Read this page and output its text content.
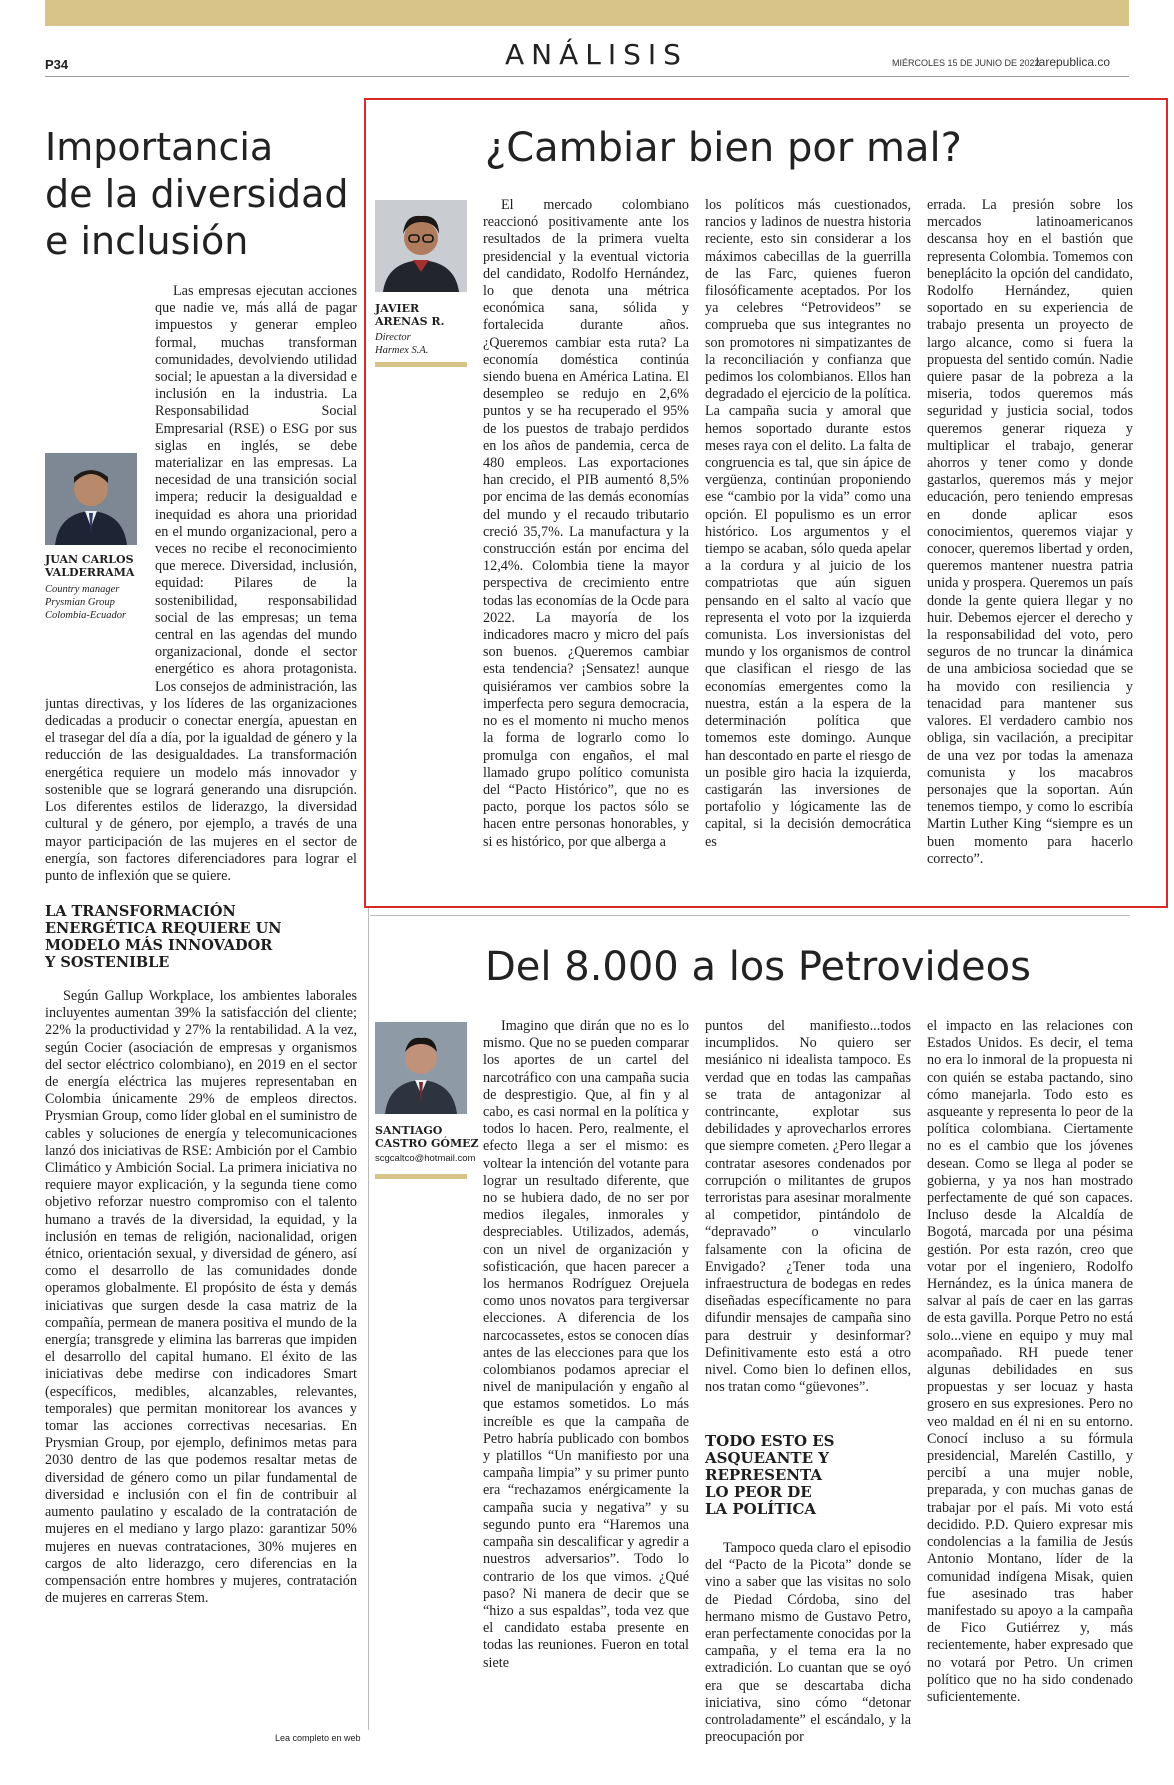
P34	ANÁLISIS	MIÉRCOLES 15 DE JUNIO DE 2022
larepublica.co
Importancia
de la diversidad
e inclusión

JUAN CARLOS
VALDERRAMA

Country manager
Prysmian Group
Colombia-Ecuador

Las empresas ejecutan acciones que nadie ve, más allá de pagar impuestos y generar empleo formal, muchas transforman comunidades, devolviendo utilidad social; le apuestan a la diversidad e inclusión en la industria. La Responsabilidad Social Empresarial (RSE) o ESG por sus siglas en inglés, se debe materializar en las empresas. La necesidad de una transición social impera; reducir la desigualdad e inequidad es ahora una prioridad en el mundo organizacional, pero a veces no recibe el reconocimiento que merece. Diversidad, inclusión, equidad: Pilares de la sostenibilidad, responsabilidad social de las empresas; un tema central en las agendas del mundo organizacional, donde el sector energético es ahora protagonista. Los consejos de administración, las juntas directivas, y los líderes de las organizaciones dedicadas a producir o conectar energía, apuestan en el trasegar del día a día, por la igualdad de género y la reducción de las desigualdades. La transformación energética requiere un modelo más innovador y sostenible que se logrará generando una disrupción. Los diferentes estilos de liderazgo, la diversidad cultural y de género, por ejemplo, a través de una mayor participación de las mujeres en el sector de energía, son factores diferenciadores para lograr el punto de inflexión que se quiere.

LA TRANSFORMACIÓN
ENERGÉTICA REQUIERE UN
MODELO MÁS INNOVADOR
Y SOSTENIBLE

Según Gallup Workplace, los ambientes laborales incluyentes aumentan 39% la satisfacción del cliente; 22% la productividad y 27% la rentabilidad. A la vez, según Cocier (asociación de empresas y organismos del sector eléctrico colombiano), en 2019 en el sector de energía eléctrica las mujeres representaban en Colombia únicamente 29% de empleos directos. Prysmian Group, como líder global en el suministro de cables y soluciones de energía y telecomunicaciones lanzó dos iniciativas de RSE: Ambición por el Cambio Climático y Ambición Social. La primera iniciativa no requiere mayor explicación, y la segunda tiene como objetivo reforzar nuestro compromiso con el talento humano a través de la diversidad, la equidad, y la inclusión en temas de religión, nacionalidad, origen étnico, orientación sexual, y diversidad de género, así como el desarrollo de las comunidades donde operamos globalmente. El propósito de ésta y demás iniciativas que surgen desde la casa matriz de la compañía, permean de manera positiva el mundo de la energía; transgrede y elimina las barreras que impiden el desarrollo del capital humano. El éxito de las iniciativas debe medirse con indicadores Smart (específicos, medibles, alcanzables, relevantes, temporales) que permitan monitorear los avances y tomar las acciones correctivas necesarias. En Prysmian Group, por ejemplo, definimos metas para 2030 dentro de las que podemos resaltar metas de diversidad de género como un pilar fundamental de diversidad e inclusión con el fin de contribuir al aumento paulatino y escalado de la contratación de mujeres en el mediano y largo plazo: garantizar 50% mujeres en nuevas contrataciones, 30% mujeres en cargos de alto liderazgo, cero diferencias en la compensación entre hombres y mujeres, contratación de mujeres en carreras Stem.

Lea completo en web
¿Cambiar bien por mal?

JAVIER
ARENAS R.

Director
Harmex S.A.

El mercado colombiano reaccionó positivamente ante los resultados de la primera vuelta presidencial y la eventual victoria del candidato, Rodolfo Hernández, lo que denota una métrica económica sana, sólida y fortalecida durante años. ¿Queremos cambiar esta ruta? La economía doméstica continúa siendo buena en América Latina. El desempleo se redujo en 2,6% puntos y se ha recuperado el 95% de los puestos de trabajo perdidos en los años de pandemia, cerca de 480 empleos. Las exportaciones han crecido, el PIB aumentó 8,5% por encima de las demás economías del mundo y el recaudo tributario creció 35,7%. La manufactura y la construcción están por encima del 12,4%. Colombia tiene la mayor perspectiva de crecimiento entre todas las economías de la Ocde para 2022. La mayoría de los indicadores macro y micro del país son buenos. ¿Queremos cambiar esta tendencia? ¡Sensatez! aunque quisiéramos ver cambios sobre la imperfecta pero segura democracia, no es el momento ni mucho menos la forma de lograrlo como lo promulga con engaños, el mal llamado grupo político comunista del “Pacto Histórico”, que no es pacto, porque los pactos sólo se hacen entre personas honorables, y si es histórico, por que alberga a

los políticos más cuestionados, rancios y ladinos de nuestra historia reciente, esto sin considerar a los máximos cabecillas de la guerrilla de las Farc, quienes fueron filosóficamente aceptados. Por los ya celebres “Petrovideos” se comprueba que sus integrantes no son promotores ni simpatizantes de la reconciliación y confianza que pedimos los colombianos. Ellos han degradado el ejercicio de la política. La campaña sucia y amoral que hemos soportado durante estos meses raya con el delito. La falta de congruencia es tal, que sin ápice de vergüenza, continúan proponiendo ese “cambio por la vida” como una opción. El populismo es un error histórico. Los argumentos y el tiempo se acaban, sólo queda apelar a la cordura y al juicio de los compatriotas que aún siguen pensando en el salto al vacío que representa el voto por la izquierda comunista. Los inversionistas del mundo y los organismos de control que clasifican el riesgo de las economías emergentes como la nuestra, están a la espera de la determinación política que tomemos este domingo. Aunque han descontado en parte el riesgo de un posible giro hacia la izquierda, castigarán las inversiones de portafolio y lógicamente las de capital, si la decisión democrática es

errada. La presión sobre los mercados latinoamericanos descansa hoy en el bastión que representa Colombia. Tomemos con beneplácito la opción del candidato, Rodolfo Hernández, quien soportado en su experiencia de trabajo presenta un proyecto de largo alcance, como si fuera la propuesta del sentido común. Nadie quiere pasar de la pobreza a la miseria, todos queremos más seguridad y justicia social, todos queremos generar riqueza y multiplicar el trabajo, generar ahorros y tener como y donde gastarlos, queremos más y mejor educación, pero teniendo empresas en donde aplicar esos conocimientos, queremos viajar y conocer, queremos libertad y orden, queremos mantener nuestra patria unida y prospera. Queremos un país donde la gente quiera llegar y no huir. Debemos ejercer el derecho y la responsabilidad del voto, pero seguros de no truncar la dinámica de una ambiciosa sociedad que se ha movido con resiliencia y tenacidad para mantener sus valores. El verdadero cambio nos obliga, sin vacilación, a precipitar de una vez por todas la amenaza comunista y los macabros personajes que la soportan. Aún tenemos tiempo, y como lo escribía Martin Luther King “siempre es un buen momento para hacerlo correcto”.

Del 8.000 a los Petrovideos

SANTIAGO
CASTRO GÓMEZ

scgcaltco@hotmail.com

Imagino que dirán que no es lo mismo. Que no se pueden comparar los aportes de un cartel del narcotráfico con una campaña sucia de desprestigio. Que, al fin y al cabo, es casi normal en la política y todos lo hacen. Pero, realmente, el efecto llega a ser el mismo: es voltear la intención del votante para lograr un resultado diferente, que no se hubiera dado, de no ser por medios ilegales, inmorales y despreciables. Utilizados, además, con un nivel de organización y sofisticación, que hacen parecer a los hermanos Rodríguez Orejuela como unos novatos para tergiversar elecciones. A diferencia de los narcocassetes, estos se conocen días antes de las elecciones para que los colombianos podamos apreciar el nivel de manipulación y engaño al que estamos sometidos. Lo más increíble es que la campaña de Petro habría publicado con bombos y platillos “Un manifiesto por una campaña limpia” y su primer punto era “rechazamos enérgicamente la campaña sucia y negativa” y su segundo punto era “Haremos una campaña sin descalificar y agredir a nuestros adversarios”. Todo lo contrario de los que vimos. ¿Qué paso? Ni manera de decir que se “hizo a sus espaldas”, toda vez que el candidato estaba presente en todas las reuniones. Fueron en total siete

puntos del manifiesto...todos incumplidos. No quiero ser mesiánico ni idealista tampoco. Es verdad que en todas las campañas se trata de antagonizar al contrincante, explotar sus debilidades y aprovecharlos errores que siempre cometen. ¿Pero llegar a contratar asesores condenados por corrupción o militantes de grupos terroristas para asesinar moralmente al competidor, pintándolo de “depravado” o vincularlo falsamente con la oficina de Envigado? ¿Tener toda una infraestructura de bodegas en redes diseñadas específicamente no para difundir mensajes de campaña sino para destruir y desinformar? Definitivamente esto está a otro nivel. Como bien lo definen ellos, nos tratan como “güevones”.

TODO ESTO ES
ASQUEANTE Y
REPRESENTA
LO PEOR DE
LA POLÍTICA

Tampoco queda claro el episodio del “Pacto de la Picota” donde se vino a saber que las visitas no solo de Piedad Córdoba, sino del hermano mismo de Gustavo Petro, eran perfectamente conocidas por la campaña, y el tema era la no extradición. Lo cuantan que se oyó era que se descartaba dicha iniciativa, sino cómo “detonar controladamente” el escándalo, y la preocupación por

el impacto en las relaciones con Estados Unidos. Es decir, el tema no era lo inmoral de la propuesta ni con quién se estaba pactando, sino cómo manejarla. Todo esto es asqueante y representa lo peor de la política colombiana. Ciertamente no es el cambio que los jóvenes desean. Como se llega al poder se gobierna, y ya nos han mostrado perfectamente de qué son capaces. Incluso desde la Alcaldía de Bogotá, marcada por una pésima gestión. Por esta razón, creo que votar por el ingeniero, Rodolfo Hernández, es la única manera de salvar al país de caer en las garras de esta gavilla. Porque Petro no está solo...viene en equipo y muy mal acompañado. RH puede tener algunas debilidades en sus propuestas y ser locuaz y hasta grosero en sus expresiones. Pero no veo maldad en él ni en su entorno. Conocí incluso a su fórmula presidencial, Marelén Castillo, y percibí a una mujer noble, preparada, y con muchas ganas de trabajar por el país. Mi voto está decidido. P.D. Quiero expresar mis condolencias a la familia de Jesús Antonio Montano, líder de la comunidad indígena Misak, quien fue asesinado tras haber manifestado su apoyo a la campaña de Fico Gutiérrez y, más recientemente, haber expresado que no votará por Petro. Un crimen político que no ha sido condenado suficientemente.
